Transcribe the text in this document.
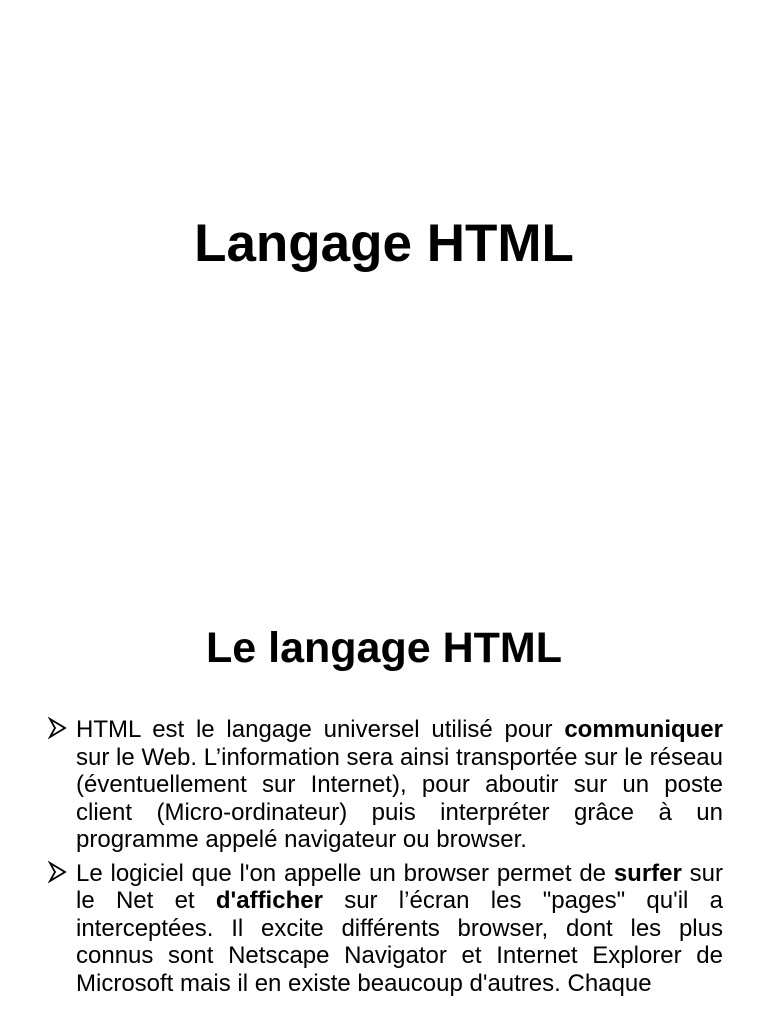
Langage HTML
Le langage HTML
HTML est le langage universel utilisé pour communiquer sur le Web. L’information sera ainsi transportée sur le réseau (éventuellement sur Internet), pour aboutir sur un poste client (Micro-ordinateur) puis interpréter grâce à un programme appelé navigateur ou browser.
Le logiciel que l'on appelle un browser permet de surfer sur le Net et d'afficher sur l’écran les "pages" qu'il a interceptées. Il excite différents browser, dont les plus connus sont Netscape Navigator et Internet Explorer de Microsoft mais il en existe beaucoup d'autres. Chaque
